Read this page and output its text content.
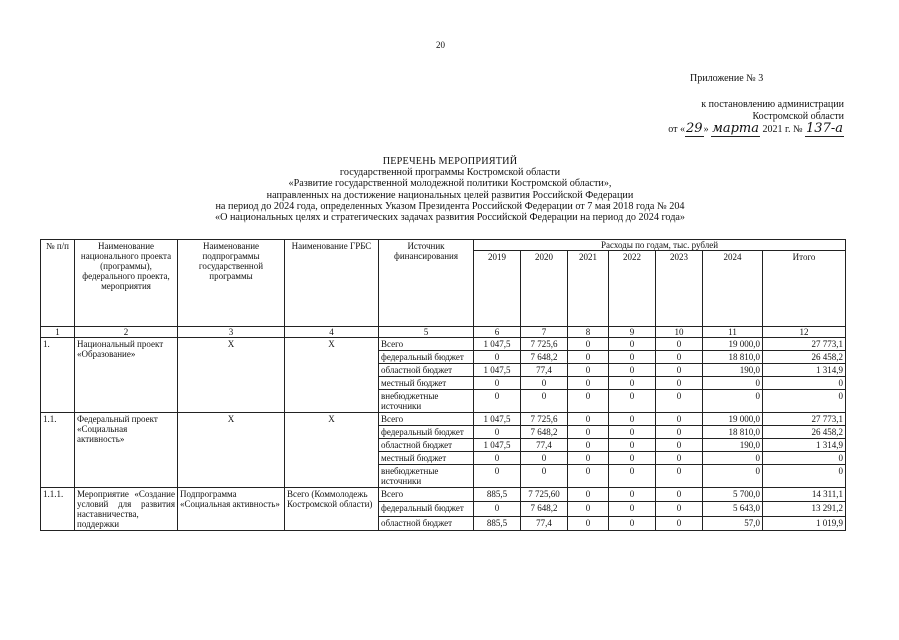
20
Приложение № 3
к постановлению администрации
Костромской области
от «29» марта 2021 г. № 137-а
ПЕРЕЧЕНЬ МЕРОПРИЯТИЙ
государственной программы Костромской области
«Развитие государственной молодежной политики Костромской области»,
направленных на достижение национальных целей развития Российской Федерации
на период до 2024 года, определенных Указом Президента Российской Федерации от 7 мая 2018 года № 204
«О национальных целях и стратегических задачах развития Российской Федерации на период до 2024 года»
№ п/п	Наименование национального проекта (программы), федерального проекта, мероприятия	Наименование подпрограммы государственной программы	Наименование ГРБС	Источник финансирования	Расходы по годам, тыс. рублей						
					2019	2020	2021	2022	2023	2024	Итого
1	2	3	4	5	6	7	8	9	10	11	12
1.	Национальный проект «Образование»	Х	Х	Всего	1 047,5	7 725,6	0	0	0	19 000,0	27 773,1
				федеральный бюджет	0	7 648,2	0	0	0	18 810,0	26 458,2
				областной бюджет	1 047,5	77,4	0	0	0	190,0	1 314,9
				местный бюджет	0	0	0	0	0	0	0
				внебюджетные источники	0	0	0	0	0	0	0
1.1.	Федеральный проект «Социальная активность»	Х	Х	Всего	1 047,5	7 725,6	0	0	0	19 000,0	27 773,1
				федеральный бюджет	0	7 648,2	0	0	0	18 810,0	26 458,2
				областной бюджет	1 047,5	77,4	0	0	0	190,0	1 314,9
				местный бюджет	0	0	0	0	0	0	0
				внебюджетные источники	0	0	0	0	0	0	0
1.1.1.	Мероприятие «Создание условий для развития наставничества, поддержки	Подпрограмма «Социальная активность»	Всего (Коммолодежь Костромской области)	Всего	885,5	7 725,60	0	0	0	5 700,0	14 311,1
				федеральный бюджет	0	7 648,2	0	0	0	5 643,0	13 291,2
				областной бюджет	885,5	77,4	0	0	0	57,0	1 019,9
